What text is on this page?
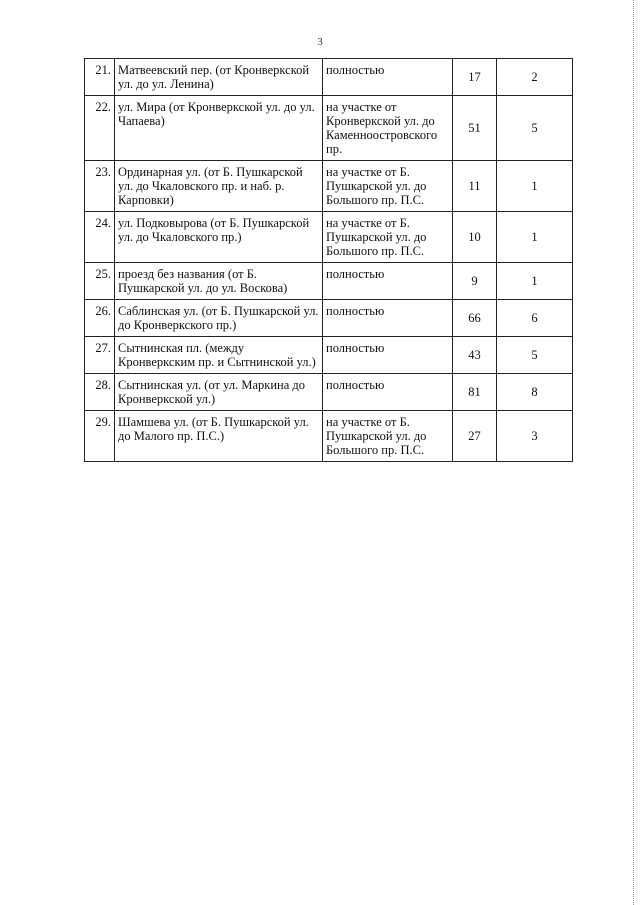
3
21.	Матвеевский пер. (от Кронверкской ул. до ул. Ленина)	полностью	17	2
22.	ул. Мира (от Кронверкской ул. до ул. Чапаева)	на участке от Кронверкской ул. до Каменноостровского пр.	51	5
23.	Ординарная ул. (от Б. Пушкарской ул. до Чкаловского пр. и наб. р. Карповки)	на участке от Б. Пушкарской ул. до Большого пр. П.С.	11	1
24.	ул. Подковырова (от Б. Пушкарской ул. до Чкаловского пр.)	на участке от Б. Пушкарской ул. до Большого пр. П.С.	10	1
25.	проезд без названия (от Б. Пушкарской ул. до ул. Воскова)	полностью	9	1
26.	Саблинская ул. (от Б. Пушкарской ул. до Кронверкского пр.)	полностью	66	6
27.	Сытнинская пл. (между Кронверкским пр. и Сытнинской ул.)	полностью	43	5
28.	Сытнинская ул. (от ул. Маркина до Кронверкской ул.)	полностью	81	8
29.	Шамшева ул. (от Б. Пушкарской ул. до Малого пр. П.С.)	на участке от Б. Пушкарской ул. до Большого пр. П.С.	27	3
